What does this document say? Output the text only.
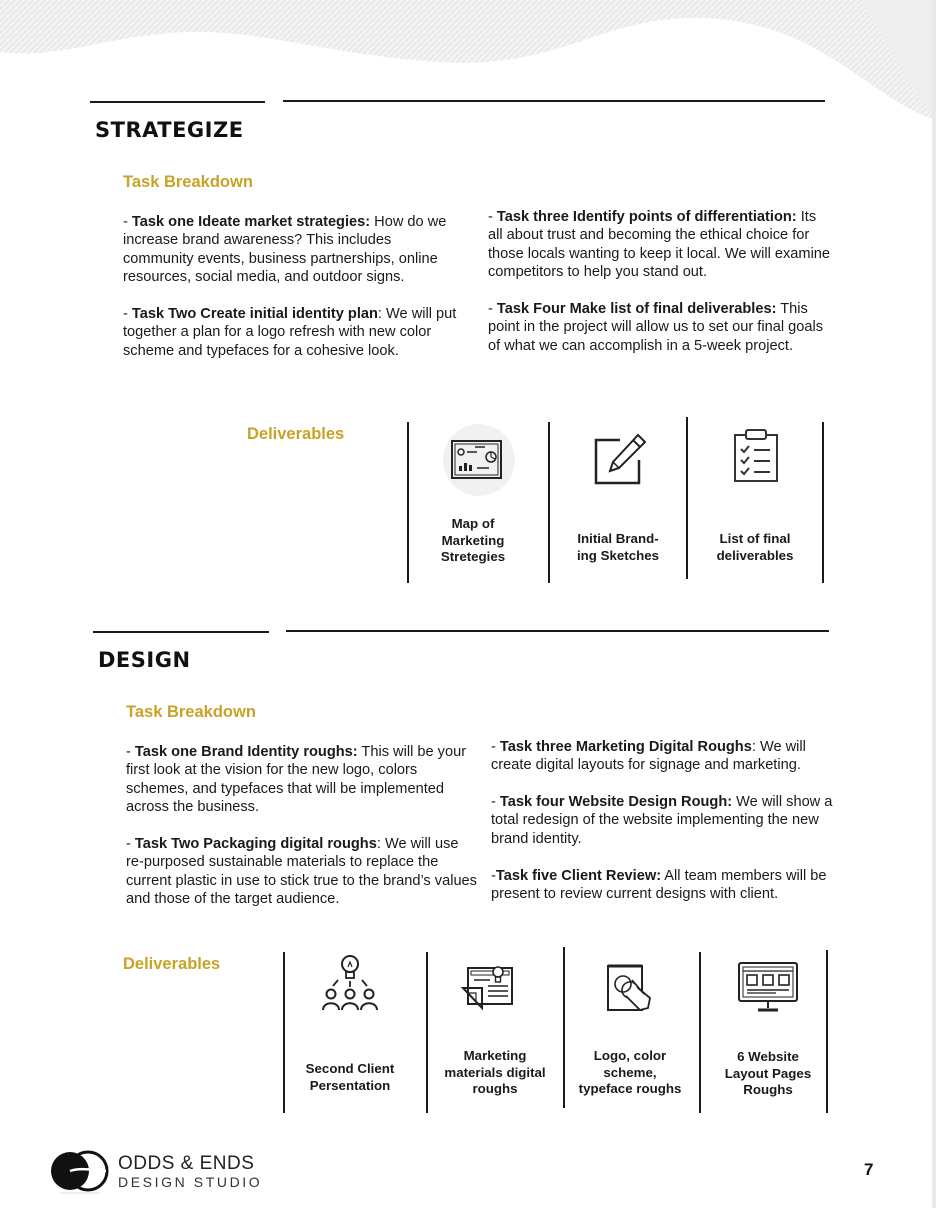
STRATEGIZE
Task Breakdown
- Task one Ideate market strategies: How do we increase brand awareness? This includes community events, business partnerships, online resources, social media, and outdoor signs.
- Task Two Create initial identity plan: We will put together a plan for a logo refresh with new color scheme and typefaces for a cohesive look.
- Task three Identify points of differentiation: Its all about trust and becoming the ethical choice for those locals wanting to keep it local. We will examine competitors to help you stand out.
- Task Four Make list of final deliverables: This point in the project will allow us to set our final goals of what we can accomplish in a 5-week project.
Deliverables
Map of Marketing Stretegies
Initial Brand-ing Sketches
List of final deliverables
DESIGN
Task Breakdown
- Task one Brand Identity roughs: This will be your first look at the vision for the new logo, colors schemes, and typefaces that will be implemented across the business.
- Task Two Packaging digital roughs: We will use re-purposed sustainable materials to replace the current plastic in use to stick true to the brand’s values and those of the target audience.
- Task three Marketing Digital Roughs: We will create digital layouts for signage and marketing.
- Task four Website Design Rough: We will show a total redesign of the website implementing the new brand identity.
-Task five Client Review: All team members will be present to review current designs with client.
Deliverables
Second Client Persentation
Marketing materials digital roughs
Logo, color scheme, typeface roughs
6 Website Layout Pages Roughs
ODDS & ENDS
DESIGN STUDIO
7
